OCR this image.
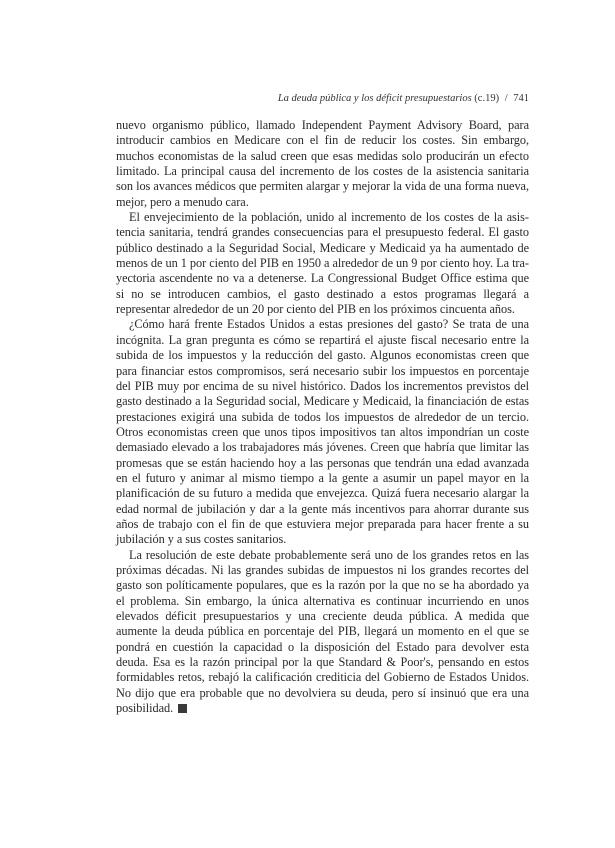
La deuda pública y los déficit presupuestarios (c.19) / 741

nuevo organismo público, llamado Independent Payment Advisory Board, para introducir cambios en Medicare con el fin de reducir los costes. Sin embargo, muchos economistas de la salud creen que esas medidas solo producirán un efecto limitado. La principal causa del incremento de los costes de la asistencia sanitaria son los avances médicos que permiten alargar y mejorar la vida de una forma nueva, mejor, pero a menudo cara.

El envejecimiento de la población, unido al incremento de los costes de la asistencia sanitaria, tendrá grandes consecuencias para el presupuesto federal. El gasto público destinado a la Seguridad Social, Medicare y Medicaid ya ha aumentado de menos de un 1 por ciento del PIB en 1950 a alrededor de un 9 por ciento hoy. La trayectoria ascendente no va a detenerse. La Congressional Budget Office estima que si no se introducen cambios, el gasto destinado a estos programas llegará a representar alrededor de un 20 por ciento del PIB en los próximos cincuenta años.

¿Cómo hará frente Estados Unidos a estas presiones del gasto? Se trata de una incógnita. La gran pregunta es cómo se repartirá el ajuste fiscal necesario entre la subida de los impuestos y la reducción del gasto. Algunos economistas creen que para financiar estos compromisos, será necesario subir los impuestos en porcentaje del PIB muy por encima de su nivel histórico. Dados los incrementos previstos del gasto destinado a la Seguridad social, Medicare y Medicaid, la financiación de estas prestaciones exigirá una subida de todos los impuestos de alrededor de un tercio. Otros economistas creen que unos tipos impositivos tan altos impondrían un coste demasiado elevado a los trabajadores más jóvenes. Creen que habría que limitar las promesas que se están haciendo hoy a las personas que tendrán una edad avanzada en el futuro y animar al mismo tiempo a la gente a asumir un papel mayor en la planificación de su futuro a medida que envejezca. Quizá fuera necesario alargar la edad normal de jubilación y dar a la gente más incentivos para ahorrar durante sus años de trabajo con el fin de que estuviera mejor preparada para hacer frente a su jubilación y a sus costes sanitarios.

La resolución de este debate probablemente será uno de los grandes retos en las próximas décadas. Ni las grandes subidas de impuestos ni los grandes recortes del gasto son políticamente populares, que es la razón por la que no se ha abordado ya el problema. Sin embargo, la única alternativa es continuar incurriendo en unos elevados déficit presupuestarios y una creciente deuda pública. A medida que aumente la deuda pública en porcentaje del PIB, llegará un momento en el que se pondrá en cuestión la capacidad o la disposición del Estado para devolver esta deuda. Esa es la razón principal por la que Standard & Poor's, pensando en estos formidables retos, rebajó la calificación crediticia del Gobierno de Estados Unidos. No dijo que era probable que no devolviera su deuda, pero sí insinuó que era una posibilidad.
